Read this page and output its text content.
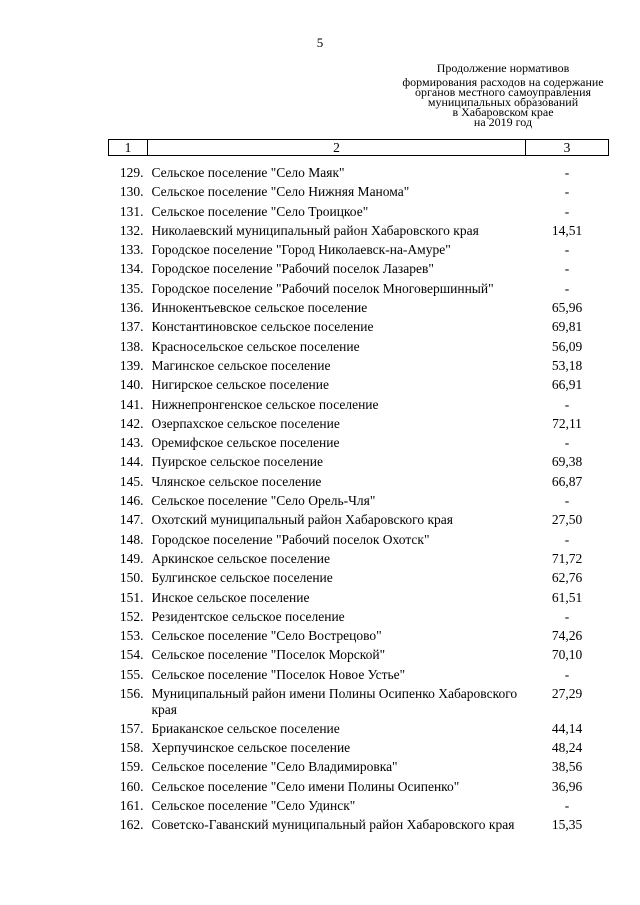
5
Продолжение нормативов
формирования расходов на содержание
органов местного самоуправления
муниципальных образований
в Хабаровском крае
на 2019 год
1	2	3
129.	Сельское поселение "Село Маяк"	-
130.	Сельское поселение "Село Нижняя Манома"	-
131.	Сельское поселение "Село Троицкое"	-
132.	Николаевский муниципальный район Хабаровского края	14,51
133.	Городское поселение "Город Николаевск-на-Амуре"	-
134.	Городское поселение "Рабочий поселок Лазарев"	-
135.	Городское поселение "Рабочий поселок Многовершинный"	-
136.	Иннокентьевское сельское поселение	65,96
137.	Константиновское сельское поселение	69,81
138.	Красносельское сельское поселение	56,09
139.	Магинское сельское поселение	53,18
140.	Нигирское сельское поселение	66,91
141.	Нижнепронгенское сельское поселение	-
142.	Озерпахское сельское поселение	72,11
143.	Оремифское сельское поселение	-
144.	Пуирское сельское поселение	69,38
145.	Члянское сельское поселение	66,87
146.	Сельское поселение "Село Орель-Чля"	-
147.	Охотский муниципальный район Хабаровского края	27,50
148.	Городское поселение "Рабочий поселок Охотск"	-
149.	Аркинское сельское поселение	71,72
150.	Булгинское сельское поселение	62,76
151.	Инское сельское поселение	61,51
152.	Резидентское сельское поселение	-
153.	Сельское поселение "Село Вострецово"	74,26
154.	Сельское поселение "Поселок Морской"	70,10
155.	Сельское поселение "Поселок Новое Устье"	-
156.	Муниципальный район имени Полины Осипенко Хабаровского края	27,29
157.	Бриаканское сельское поселение	44,14
158.	Херпучинское сельское поселение	48,24
159.	Сельское поселение "Село Владимировка"	38,56
160.	Сельское поселение "Село имени Полины Осипенко"	36,96
161.	Сельское поселение "Село Удинск"	-
162.	Советско-Гаванский муниципальный район Хабаровского края	15,35
